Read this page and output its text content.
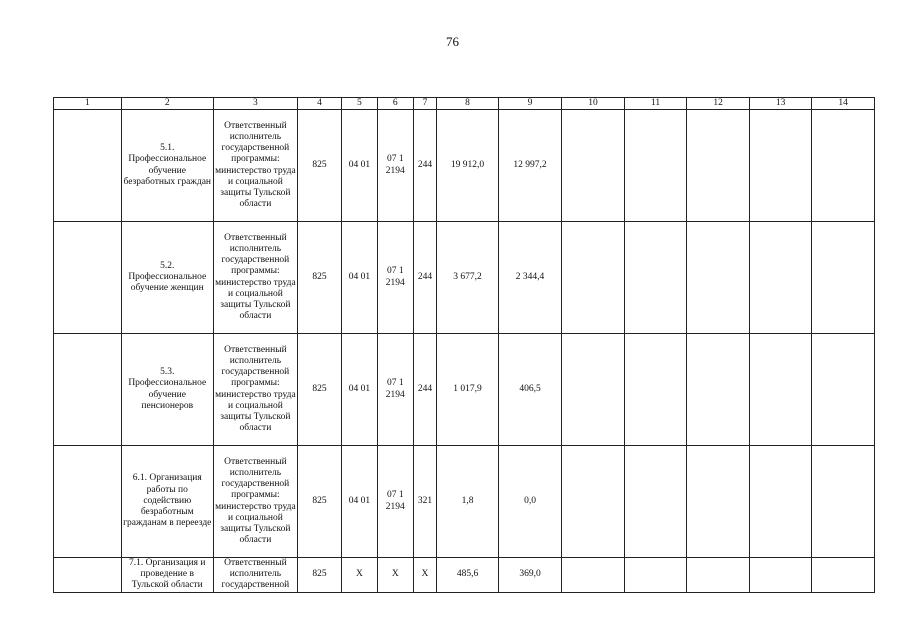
76
1	2	3	4	5	6	7	8	9	10	11	12	13	14
	5.1. Профессиональное обучение безработных граждан	Ответственный исполнитель государственной программы: министерство труда и социальной защиты Тульской области	825	04 01	07 1 2194	244	19 912,0	12 997,2					
	5.2. Профессиональное обучение женщин	Ответственный исполнитель государственной программы: министерство труда и социальной защиты Тульской области	825	04 01	07 1 2194	244	3 677,2	2 344,4					
	5.3. Профессиональное обучение пенсионеров	Ответственный исполнитель государственной программы: министерство труда и социальной защиты Тульской области	825	04 01	07 1 2194	244	1 017,9	406,5					
	6.1. Организация работы по содействию безработным гражданам в переезде	Ответственный исполнитель государственной программы: министерство труда и социальной защиты Тульской области	825	04 01	07 1 2194	321	1,8	0,0					
	7.1. Организация и проведение в Тульской области	Ответственный исполнитель государственной	825	Х	Х	Х	485,6	369,0					
